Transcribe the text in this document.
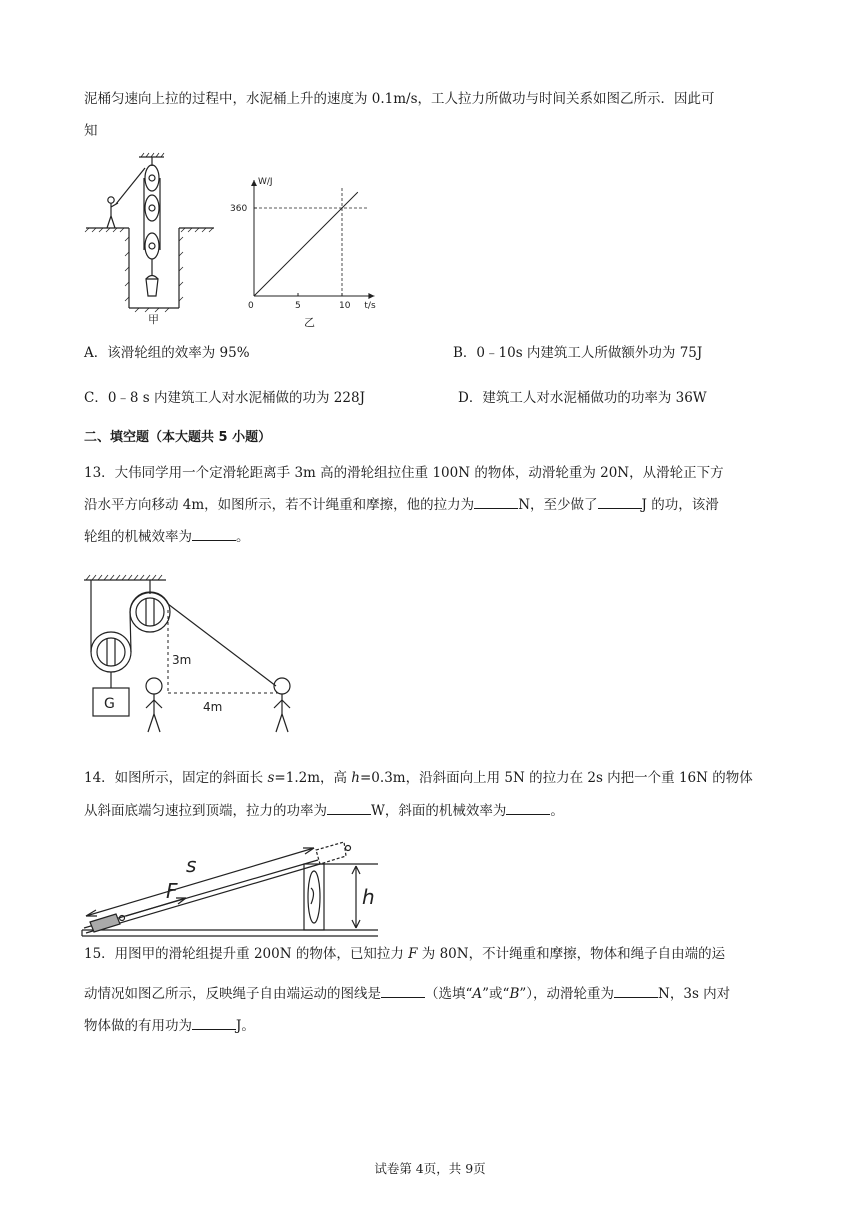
泥桶匀速向上拉的过程中，水泥桶上升的速度为 0.1m/s，工人拉力所做功与时间关系如图乙所示．因此可
知
甲
W/J
t/s
0	5	10
360
乙
A．该滑轮组的效率为 95%	B．0﹣10s 内建筑工人所做额外功为 75J
C．0﹣8 s 内建筑工人对水泥桶做的功为 228J	D．建筑工人对水泥桶做功的功率为 36W
二、填空题（本大题共 5 小题）
13．大伟同学用一个定滑轮距离手 3m 高的滑轮组拉住重 100N 的物体，动滑轮重为 20N，从滑轮正下方
沿水平方向移动 4m，如图所示，若不计绳重和摩擦，他的拉力为	N，至少做了	J 的功，该滑
轮组的机械效率为	。
3m
4m
G
14．如图所示，固定的斜面长 s=1.2m，高 h=0.3m，沿斜面向上用 5N 的拉力在 2s 内把一个重 16N 的物体
从斜面底端匀速拉到顶端，拉力的功率为	W，斜面的机械效率为	。
s
F	h
15．用图甲的滑轮组提升重 200N 的物体，已知拉力 F 为 80N，不计绳重和摩擦，物体和绳子自由端的运
动情况如图乙所示，反映绳子自由端运动的图线是	（选填“A”或“B”），动滑轮重为	N，3s 内对
物体做的有用功为	J。
试卷第 4页，共 9页
